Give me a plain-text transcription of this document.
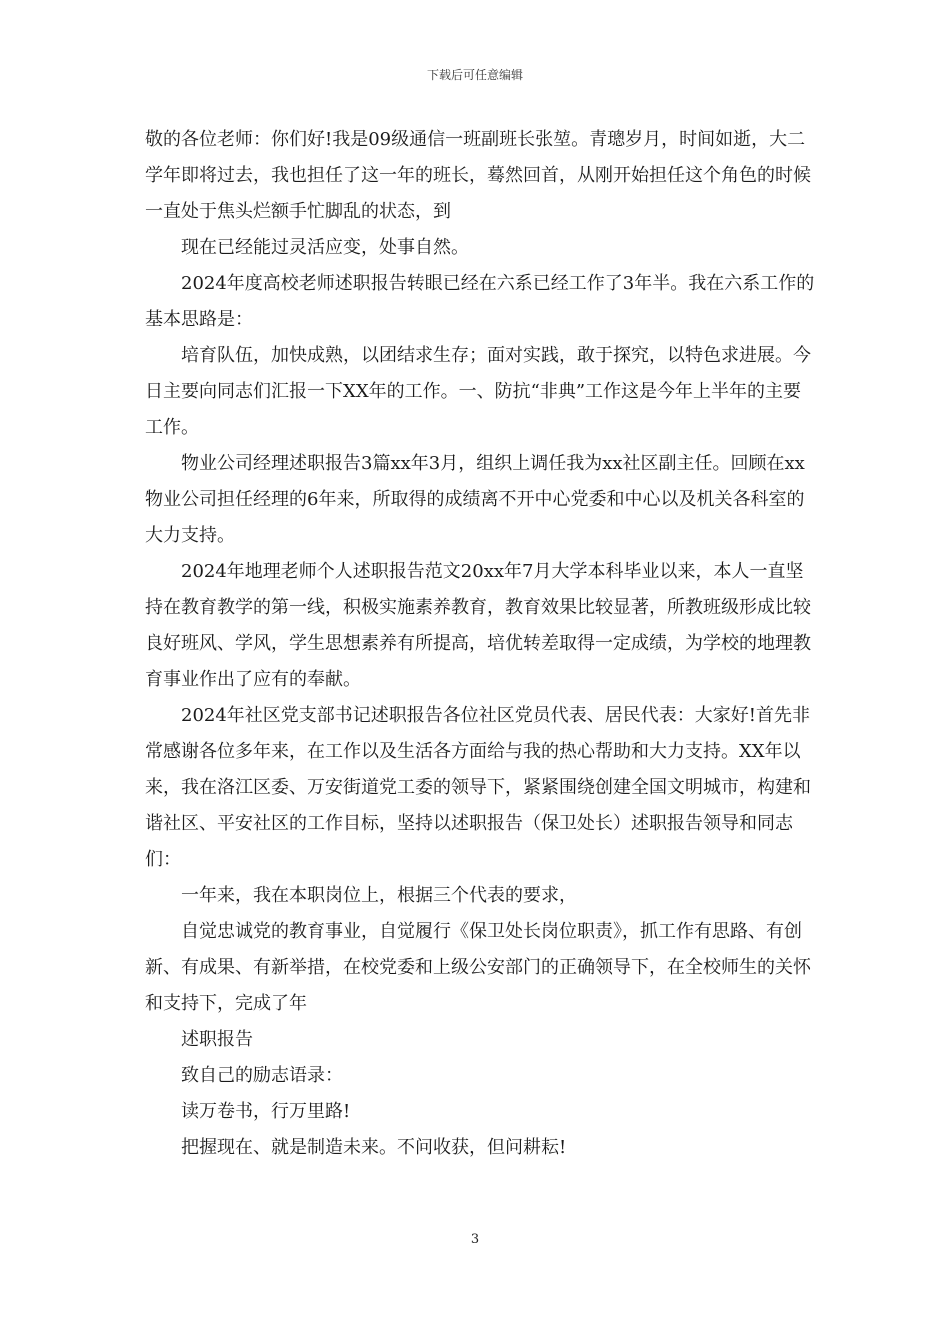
下载后可任意编辑

敬的各位老师：你们好!我是09级通信一班副班长张堃。青璁岁月，时间如逝，大二学年即将过去，我也担任了这一年的班长，蓦然回首，从刚开始担任这个角色的时候一直处于焦头烂额手忙脚乱的状态，到

现在已经能过灵活应变，处事自然。

2024年度高校老师述职报告转眼已经在六系已经工作了3年半。我在六系工作的基本思路是：

培育队伍，加快成熟，以团结求生存；面对实践，敢于探究，以特色求进展。今日主要向同志们汇报一下XX年的工作。一、防抗“非典”工作这是今年上半年的主要工作。

物业公司经理述职报告3篇xx年3月，组织上调任我为xx社区副主任。回顾在xx物业公司担任经理的6年来，所取得的成绩离不开中心党委和中心以及机关各科室的大力支持。

2024年地理老师个人述职报告范文20xx年7月大学本科毕业以来，本人一直坚持在教育教学的第一线，积极实施素养教育，教育效果比较显著，所教班级形成比较良好班风、学风，学生思想素养有所提高，培优转差取得一定成绩，为学校的地理教育事业作出了应有的奉献。

2024年社区党支部书记述职报告各位社区党员代表、居民代表：大家好!首先非常感谢各位多年来，在工作以及生活各方面给与我的热心帮助和大力支持。XX年以来，我在洛江区委、万安街道党工委的领导下，紧紧围绕创建全国文明城市，构建和谐社区、平安社区的工作目标，坚持以述职报告（保卫处长）述职报告领导和同志们：

一年来，我在本职岗位上，根据三个代表的要求，

自觉忠诚党的教育事业，自觉履行《保卫处长岗位职责》，抓工作有思路、有创新、有成果、有新举措，在校党委和上级公安部门的正确领导下，在全校师生的关怀和支持下，完成了年

述职报告

致自己的励志语录：

读万卷书，行万里路!

把握现在、就是制造未来。不问收获，但问耕耘!

3
